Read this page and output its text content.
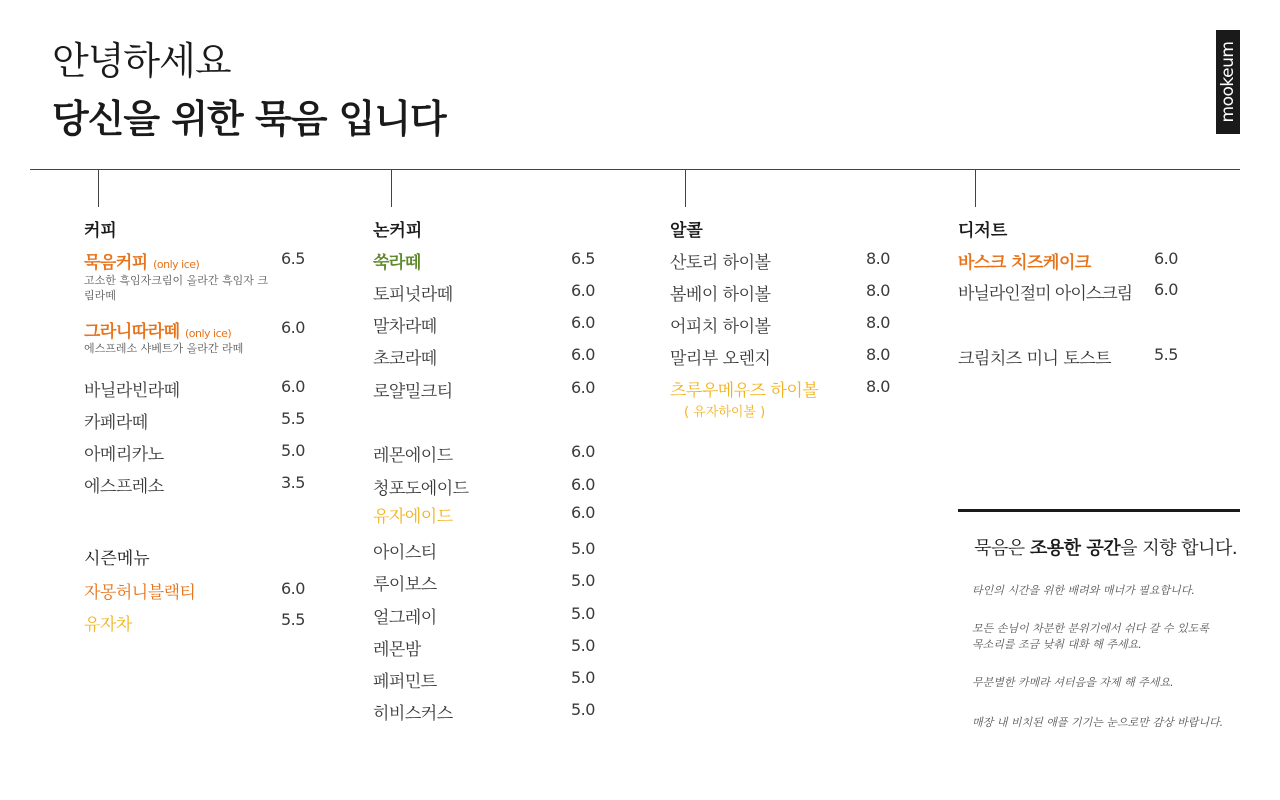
안녕하세요
당신을 위한 묵음 입니다	mookeum
커피
묵음커피 (only ice)	6.5
고소한 흑임자크림이 올라간 흑임자 크림라떼
그라니따라떼 (only ice)	6.0
에스프레소 샤베트가 올라간 라떼
바닐라빈라떼	6.0
카페라떼	5.5
아메리카노	5.0
에스프레소	3.5
시즌메뉴
자몽허니블랙티	6.0
유자차	5.5
논커피
쑥라떼	6.5
토피넛라떼	6.0
말차라떼	6.0
초코라떼	6.0
로얄밀크티	6.0
레몬에이드	6.0
청포도에이드	6.0
유자에이드	6.0
아이스티	5.0
루이보스	5.0
얼그레이	5.0
레몬밤	5.0
페퍼민트	5.0
히비스커스	5.0
알콜
산토리 하이볼	8.0
봄베이 하이볼	8.0
어피치 하이볼	8.0
말리부 오렌지	8.0
츠루우메유즈 하이볼	8.0
( 유자하이볼 )
디저트
바스크 치즈케이크	6.0
바닐라인절미 아이스크림 6.0
크림치즈 미니 토스트	5.5
묵음은 조용한 공간을 지향 합니다.
타인의 시간을 위한 배려와 매너가 필요합니다.
모든 손님이 차분한 분위기에서 쉬다 갈 수 있도록
목소리를 조금 낮춰 대화 해 주세요.
무분별한 카메라 셔터음을 자제 해 주세요.
매장 내 비치된 애플 기기는 눈으로만 감상 바랍니다.
